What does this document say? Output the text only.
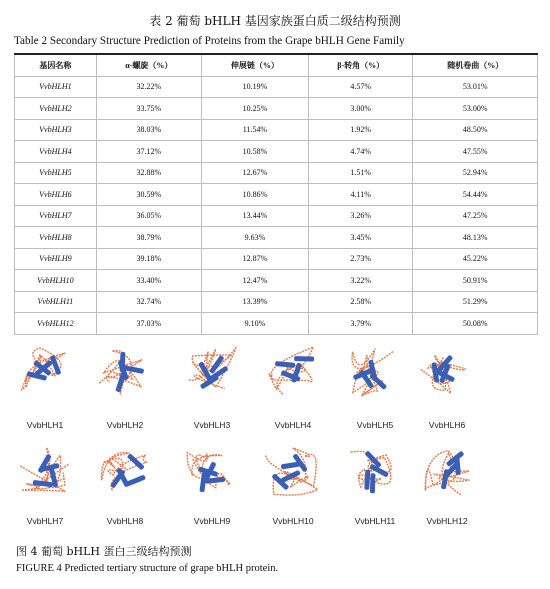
表 2 葡萄 bHLH 基因家族蛋白质二级结构预测
Table 2 Secondary Structure Prediction of Proteins from the Grape bHLH Gene Family
基因名称	α-螺旋（%）	伸展链（%）	β-转角（%）	随机卷曲（%）
VvbHLH1	32.22%	10.19%	4.57%	53.01%
VvbHLH2	33.75%	10.25%	3.00%	53.00%
VvbHLH3	38.03%	11.54%	1.92%	48.50%
VvbHLH4	37.12%	10.58%	4.74%	47.55%
VvbHLH5	32.88%	12.67%	1.51%	52.94%
VvbHLH6	30.59%	10.86%	4.11%	54.44%
VvbHLH7	36.05%	13.44%	3.26%	47.25%
VvbHLH8	38.79%	9.63%	3.45%	48.13%
VvbHLH9	39.18%	12.87%	2.73%	45.22%
VvbHLH10	33.40%	12.47%	3.22%	50.91%
VvbHLH11	32.74%	13.39%	2.58%	51.29%
VvbHLH12	37.03%	9.10%	3.79%	50.08%
VvbHLH1	VvbHLH2	VvbHLH3	VvbHLH4	VvbHLH5	VvbHLH6
VvbHLH7	VvbHLH8	VvbHLH9	VvbHLH10	VvbHLH11	VvbHLH12
图 4 葡萄 bHLH 蛋白三级结构预测
FIGURE 4 Predicted tertiary structure of grape bHLH protein.
